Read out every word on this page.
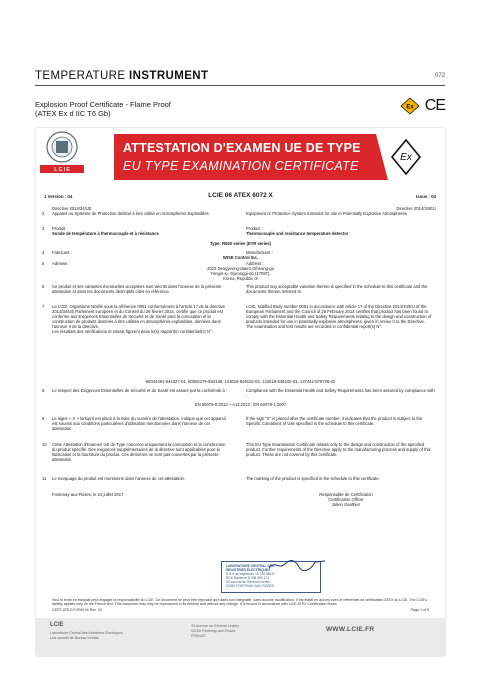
TEMPERATURE INSTRUMENT	072
Explosion Proof Certificate - Flame Proof
(ATEX Ex d IIC T6 Gb)
Ex CE
Ex
L C I E
ATTESTATION D'EXAMEN UE DE TYPE
EU TYPE EXAMINATION CERTIFICATE
1 Version : 04	LCIE 06 ATEX 6072 X	Issue : 04
2
Directive 2014/34/UE
Appareil ou Système de Protection destiné à être utilisé en Atmosphères Explosibles
Directive 2014/34/EU
Equipment or Protective System Intended for use in Potentially Explosive Atmospheres
3 Produit :
Sonde de température à thermocouple et à résistance
Product :
Thermocouple and resistance temperature detector
Type: R940 series (ETR series)
4 Fabricant :	Manufacturer :
WISE Control Inc.
5 Adresse :	Address :
2022 Deogyeong-daero,Giheung-gu
Yongin-si, Gyeonggi-do (17097),
Korea, Republic of
6 Ce produit et ses variantes éventuelles acceptées sont décrits dans l'annexe de la présente attestation et dans les documents descriptifs cités en référence.
This product any acceptable variation thereto is specified in the schedule to this certificate and the documents therein referred to.
7 Le LCIE, Organisme Notifié sous la référence 0081 conformément à l'article 17 de la directive 2014/34/UE Parlement européen et du Conseil du 26 février 2014, certifie que ce produit est conforme aux Exigences Essentielles de Sécurité et de Santé pour la conception et la construction de produits destinés à être utilisés en atmosphères explosibles, données dans l'annexe II de la directive.
Les résultats des vérifications et essais figurent dans le(s) rapport(s) confidentiel(s) N°:
LCIE, Notified Body number 0081 in accordance with article 17 of the Directive 2014/34/EU of the European Parliament and the Council of 26 February 2014 certifies that product has been found to comply with the Essential Health and Safety Requirements relating to the design and construction of products intended for use in potentially explosive atmospheres, given in Annex II to the Directive.
The examination and test results are recorded in confidential report(s) N°:
60044351-544327-01, 60052279-553148, 123618-648102-02, 123618-648102-01, 137442-676736-02
8 Le respect des Exigences Essentielles de Sécurité et de Santé est assuré par la conformité à :	Compliance with the Essential Health and Safety Requirements has been assured by compliance with :
EN 60079-0:2012 + A11:2013 ; EN 60079-1:2007
9 Le signe « X » lorsqu'il est placé à la suite du numéro de l'attestation, indique que cet appareil est soumis aux conditions particulières d'utilisation mentionnées dans l'annexe de cet attestation.
If the sign "X" is placed after the certificate number, it indicates that the product is subject to the Specific Conditions of Use specified in the schedule to this certificate.
10 Cette Attestation d'Examen UE de Type concerne uniquement la conception et la construction du produit spécifié. Des exigences supplémentaires de la directive sont applicables pour la fabrication et la fourniture du produit. Ces dernières ne sont pas couvertes par la présente attestation.
This EU Type Examination Certificate relates only to the design and construction of the specified product. Further requirements of the Directive apply to the manufacturing process and supply of this product. These are not covered by this certificate.
11 Le marquage du produit est mentionné dans l'annexe de cet attestation.	The marking of the product is specified in the schedule to this certificate.
Fontenay-aux-Roses, le 24 juillet 2017	Responsable de Certification
Certification Officer
Julien Gauthier
LABORATOIRE CENTRAL DES
INDUSTRIES ÉLECTRIQUES
S.A.S au capital de 15 745 984 €
RCS Nanterre B 408 363 174
33 avenue du Général Leclerc
92260 FONTENAY-AUX-ROSES
Seul le texte en français peut engager la responsabilité du LCIE. Ce document ne peut être reproduit que dans son intégralité, sans aucune modification. Il est établi en accord avec le référentiel de certification ATEX du LCIE. The LCIE's liability applies only on the French text. This document may only be reproduced in its entirety and without any change. It is issued in accordance with LCIE ATEX Certification Rules.
CERT-ATEX-FORM 04 Rev. 03	Page 1 of 5
LCIE
Laboratoire Central des Industries Electriques
Une société de Bureau Veritas
33 Avenue du Général Leclerc
92260 Fontenay-aux-Roses
FRANCE
WWW.LCIE.FR
